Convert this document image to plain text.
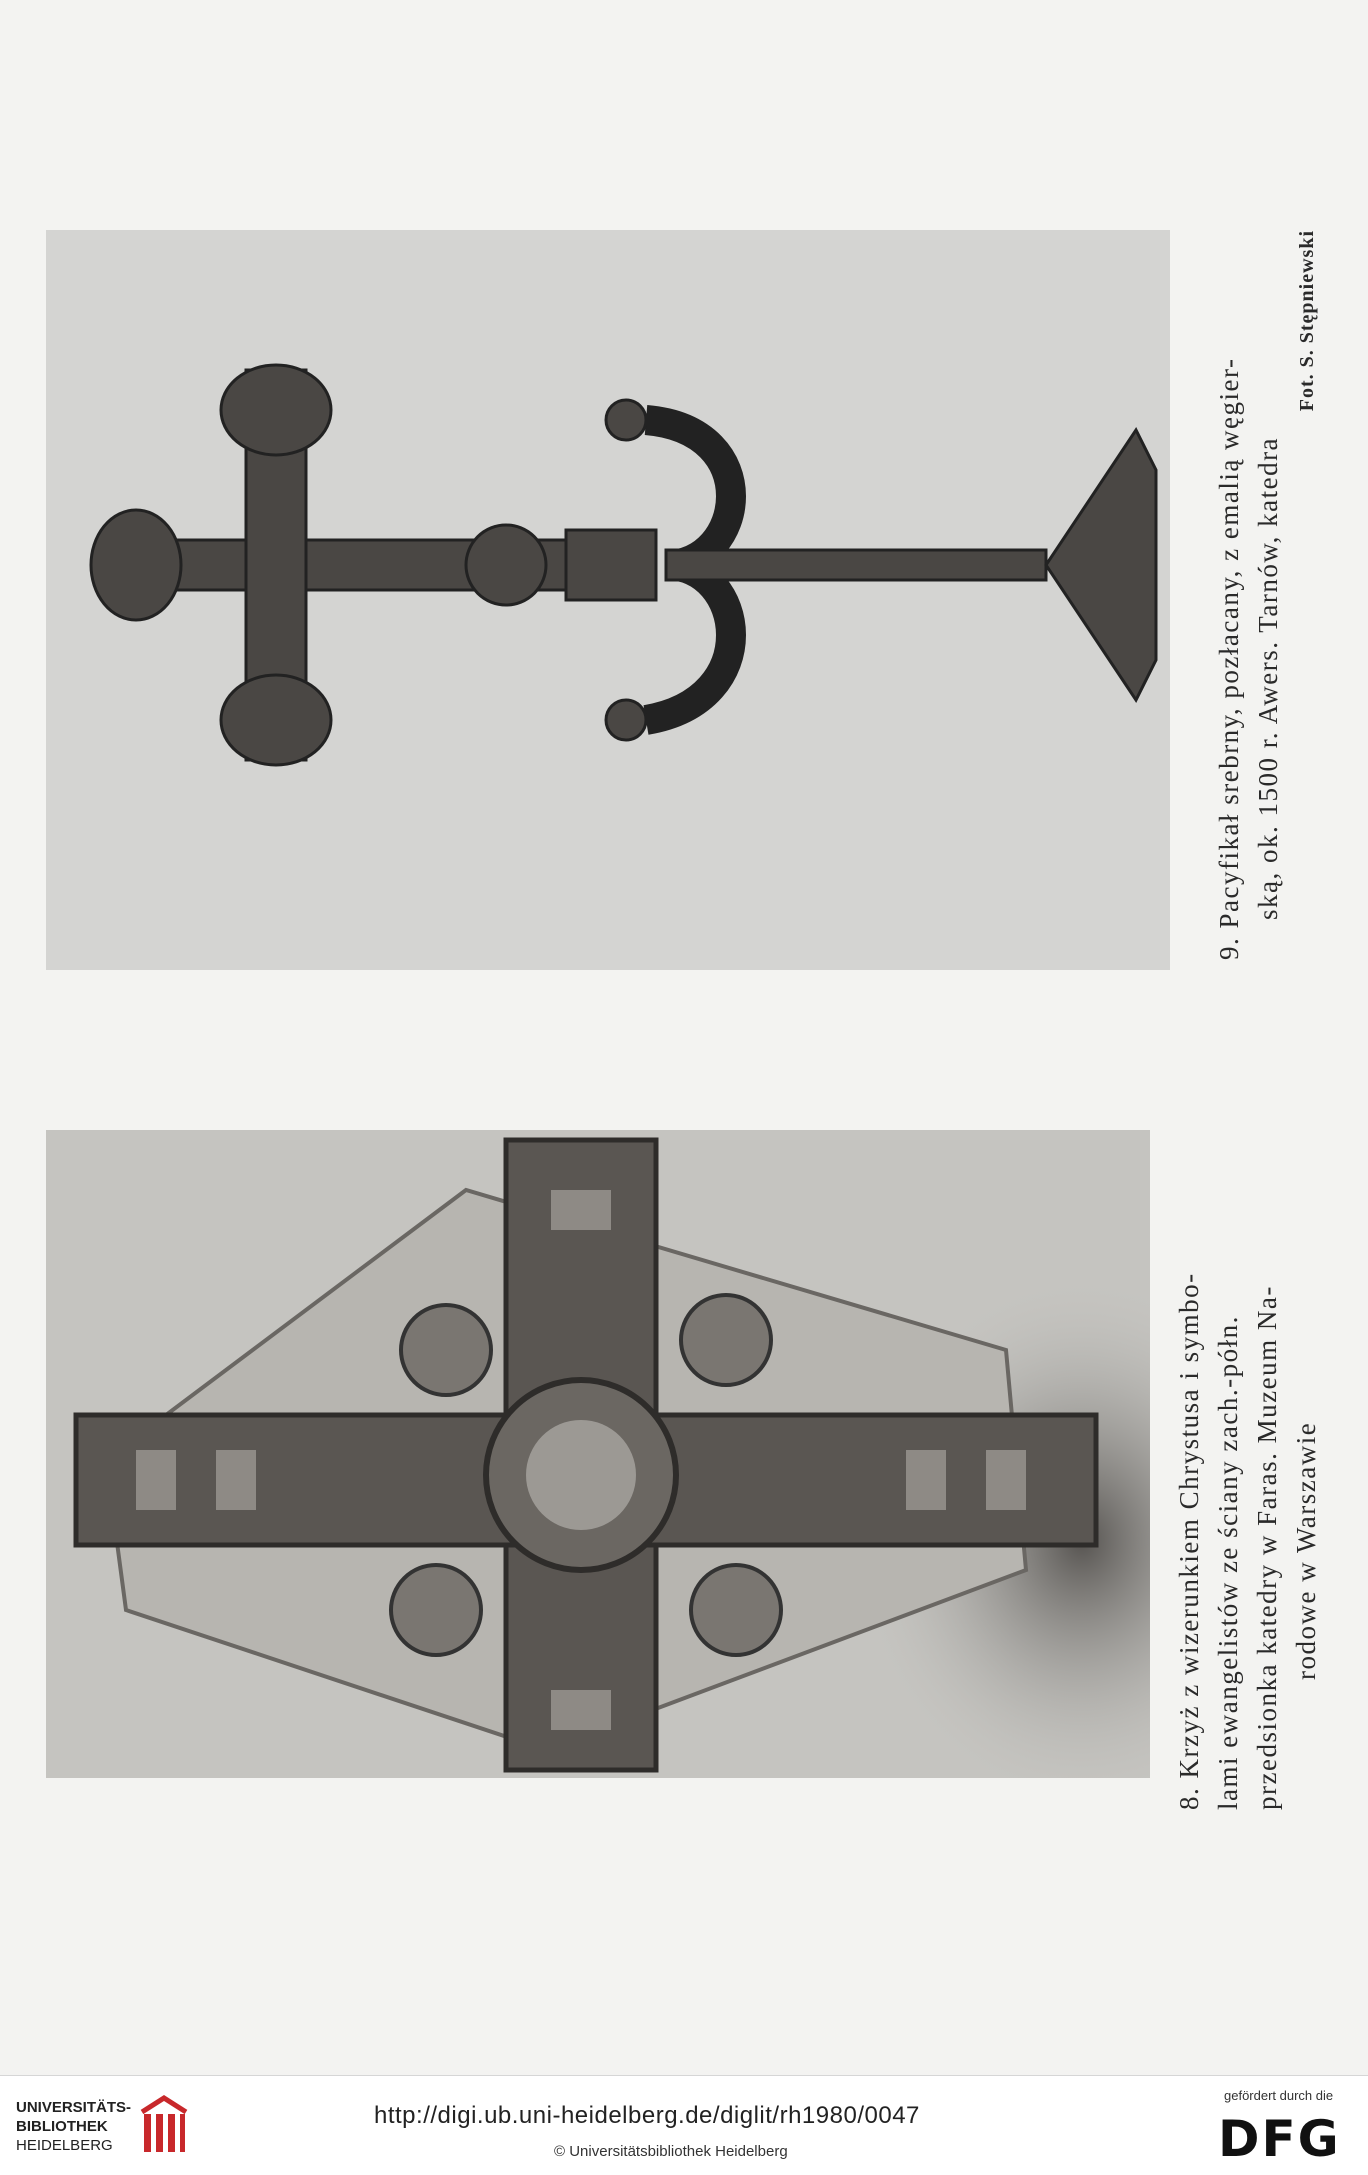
8. Krzyż z wizerunkiem Chrystusa i symbo- lami ewangelistów ze ściany zach.-półn. przedsionka katedry w Faras. Muzeum Na- rodowe w Warszawie
9. Pacyfikał srebrny, pozłacany, z emalią węgier- ską, ok. 1500 r. Awers. Tarnów, katedra
Fot. S. Stępniewski
UNIVERSITÄTS-
BIBLIOTHEK
HEIDELBERG
http://digi.ub.uni-heidelberg.de/diglit/rh1980/0047
© Universitätsbibliothek Heidelberg
gefördert durch die
DFG
